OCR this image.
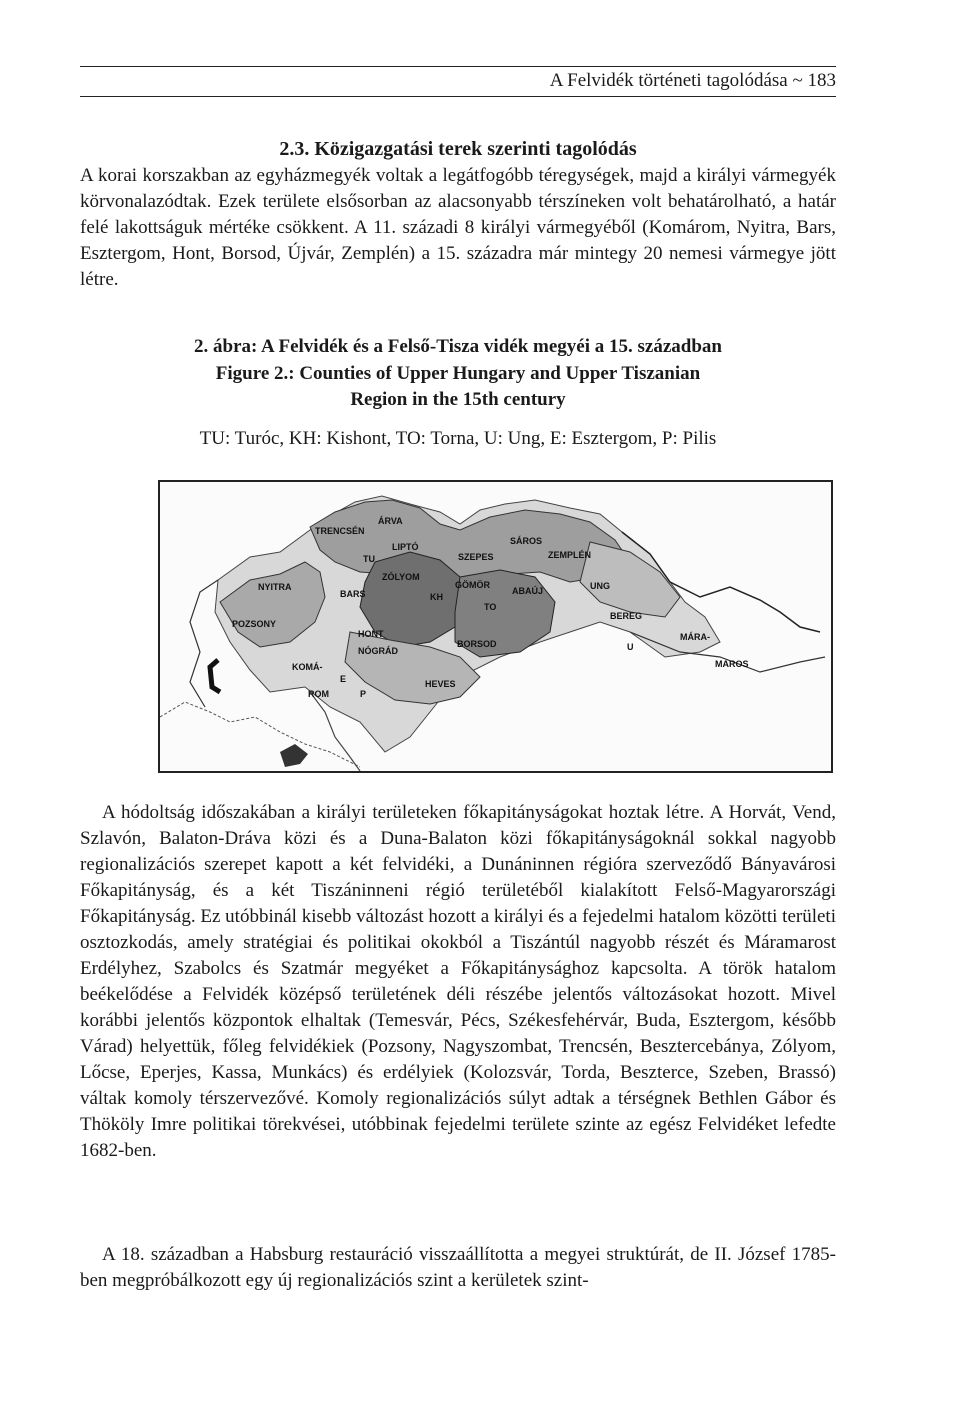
A Felvidék történeti tagolódása ~ 183
2.3. Közigazgatási terek szerinti tagolódás

A korai korszakban az egyházmegyék voltak a legátfogóbb téregységek, majd a királyi vármegyék körvonalazódtak. Ezek területe elsősorban az alacsonyabb térszíneken volt behatárolható, a határ felé lakottságuk mértéke csökkent. A 11. századi 8 királyi vármegyéből (Komárom, Nyitra, Bars, Esztergom, Hont, Borsod, Újvár, Zemplén) a 15. századra már mintegy 20 nemesi vármegye jött létre.

2. ábra: A Felvidék és a Felső-Tisza vidék megyéi a 15. században

Figure 2.: Counties of Upper Hungary and Upper Tiszanian Region in the 15th century

TU: Turóc, KH: Kishont, TO: Torna, U: Ung, E: Esztergom, P: Pilis
ÁRVA
TRENCSÉN
LIPTÓ
SÁROS
SZEPES	ZEMPLÉN
TU
ZÓLYOM
NYITRA
BARS
GÖMÖR
KH
ABAÚJ	UNG
TO
POZSONY
HONT
BEREG
MÁRA-
U
BORSOD
NÓGRÁD
MAROS
KOMÁ-
ROM
E
P
HEVES

A hódoltság időszakában a királyi területeken főkapitányságokat hoztak létre. A Horvát, Vend, Szlavón, Balaton-Dráva közi és a Duna-Balaton közi főkapitányságoknál sokkal nagyobb regionalizációs szerepet kapott a két felvidéki, a Dunáninnen régióra szerveződő Bányavárosi Főkapitányság, és a két Tiszáninneni régió területéből kialakított Felső-Magyarországi Főkapitányság. Ez utóbbinál kisebb változást hozott a királyi és a fejedelmi hatalom közötti területi osztozkodás, amely stratégiai és politikai okokból a Tiszántúl nagyobb részét és Máramarost Erdélyhez, Szabolcs és Szatmár megyéket a Főkapitánysághoz kapcsolta. A török hatalom beékelődése a Felvidék középső területének déli részébe jelentős változásokat hozott. Mivel korábbi jelentős központok elhaltak (Temesvár, Pécs, Székesfehérvár, Buda, Esztergom, később Várad) helyettük, főleg felvidékiek (Pozsony, Nagyszombat, Trencsén, Besztercebánya, Zólyom, Lőcse, Eperjes, Kassa, Munkács) és erdélyiek (Kolozsvár, Torda, Beszterce, Szeben, Brassó) váltak komoly térszervezővé. Komoly regionalizációs súlyt adtak a térségnek Bethlen Gábor és Thököly Imre politikai törekvései, utóbbinak fejedelmi területe szinte az egész Felvidéket lefedte 1682-ben.

A 18. században a Habsburg restauráció visszaállította a megyei struktúrát, de II. József 1785-ben megpróbálkozott egy új regionalizációs szint a kerületek szint-
